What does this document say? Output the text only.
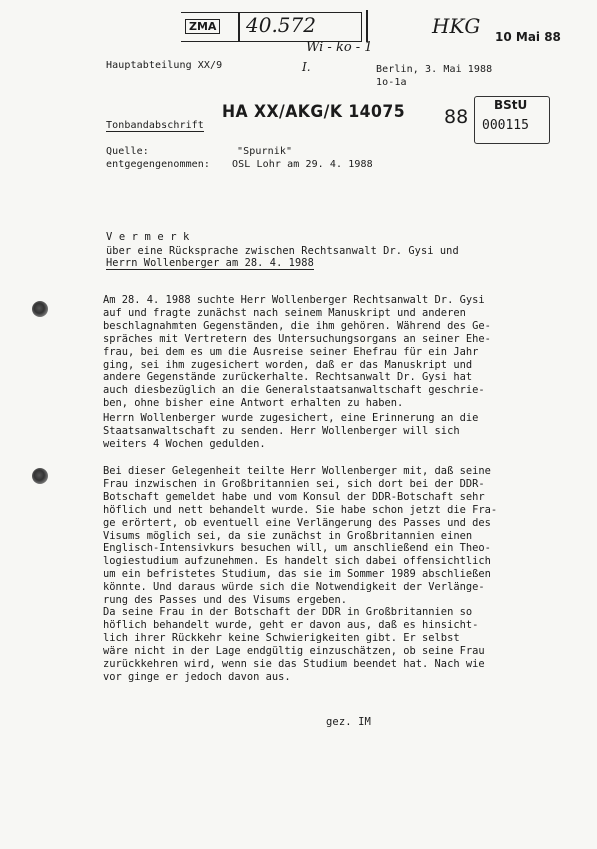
ZMA 40.572	HKG 10 Mai 88
Wi - ko - 1
I.
Hauptabteilung XX/9	Berlin, 3. Mai 1988
1o-1a
HA XX/AKG/K 14075 88
BStU
000115
Tonbandabschrift
Quelle:	"Spurnik"
entgegengenommen: OSL Lohr am 29. 4. 1988
V e r m e r k
über eine Rücksprache zwischen Rechtsanwalt Dr. Gysi und
Herrn Wollenberger am 28. 4. 1988
Am 28. 4. 1988 suchte Herr Wollenberger Rechtsanwalt Dr. Gysi
auf und fragte zunächst nach seinem Manuskript und anderen
beschlagnahmten Gegenständen, die ihm gehören. Während des Ge-
spräches mit Vertretern des Untersuchungsorgans an seiner Ehe-
frau, bei dem es um die Ausreise seiner Ehefrau für ein Jahr
ging, sei ihm zugesichert worden, daß er das Manuskript und
andere Gegenstände zurückerhalte. Rechtsanwalt Dr. Gysi hat
auch diesbezüglich an die Generalstaatsanwaltschaft geschrie-
ben, ohne bisher eine Antwort erhalten zu haben.
Herrn Wollenberger wurde zugesichert, eine Erinnerung an die
Staatsanwaltschaft zu senden. Herr Wollenberger will sich
weiters 4 Wochen gedulden.
Bei dieser Gelegenheit teilte Herr Wollenberger mit, daß seine
Frau inzwischen in Großbritannien sei, sich dort bei der DDR-
Botschaft gemeldet habe und vom Konsul der DDR-Botschaft sehr
höflich und nett behandelt wurde. Sie habe schon jetzt die Fra-
ge erörtert, ob eventuell eine Verlängerung des Passes und des
Visums möglich sei, da sie zunächst in Großbritannien einen
Englisch-Intensivkurs besuchen will, um anschließend ein Theo-
logiestudium aufzunehmen. Es handelt sich dabei offensichtlich
um ein befristetes Studium, das sie im Sommer 1989 abschließen
könnte. Und daraus würde sich die Notwendigkeit der Verlänge-
rung des Passes und des Visums ergeben.
Da seine Frau in der Botschaft der DDR in Großbritannien so
höflich behandelt wurde, geht er davon aus, daß es hinsicht-
lich ihrer Rückkehr keine Schwierigkeiten gibt. Er selbst
wäre nicht in der Lage endgültig einzuschätzen, ob seine Frau
zurückkehren wird, wenn sie das Studium beendet hat. Nach wie
vor ginge er jedoch davon aus.
gez. IM
